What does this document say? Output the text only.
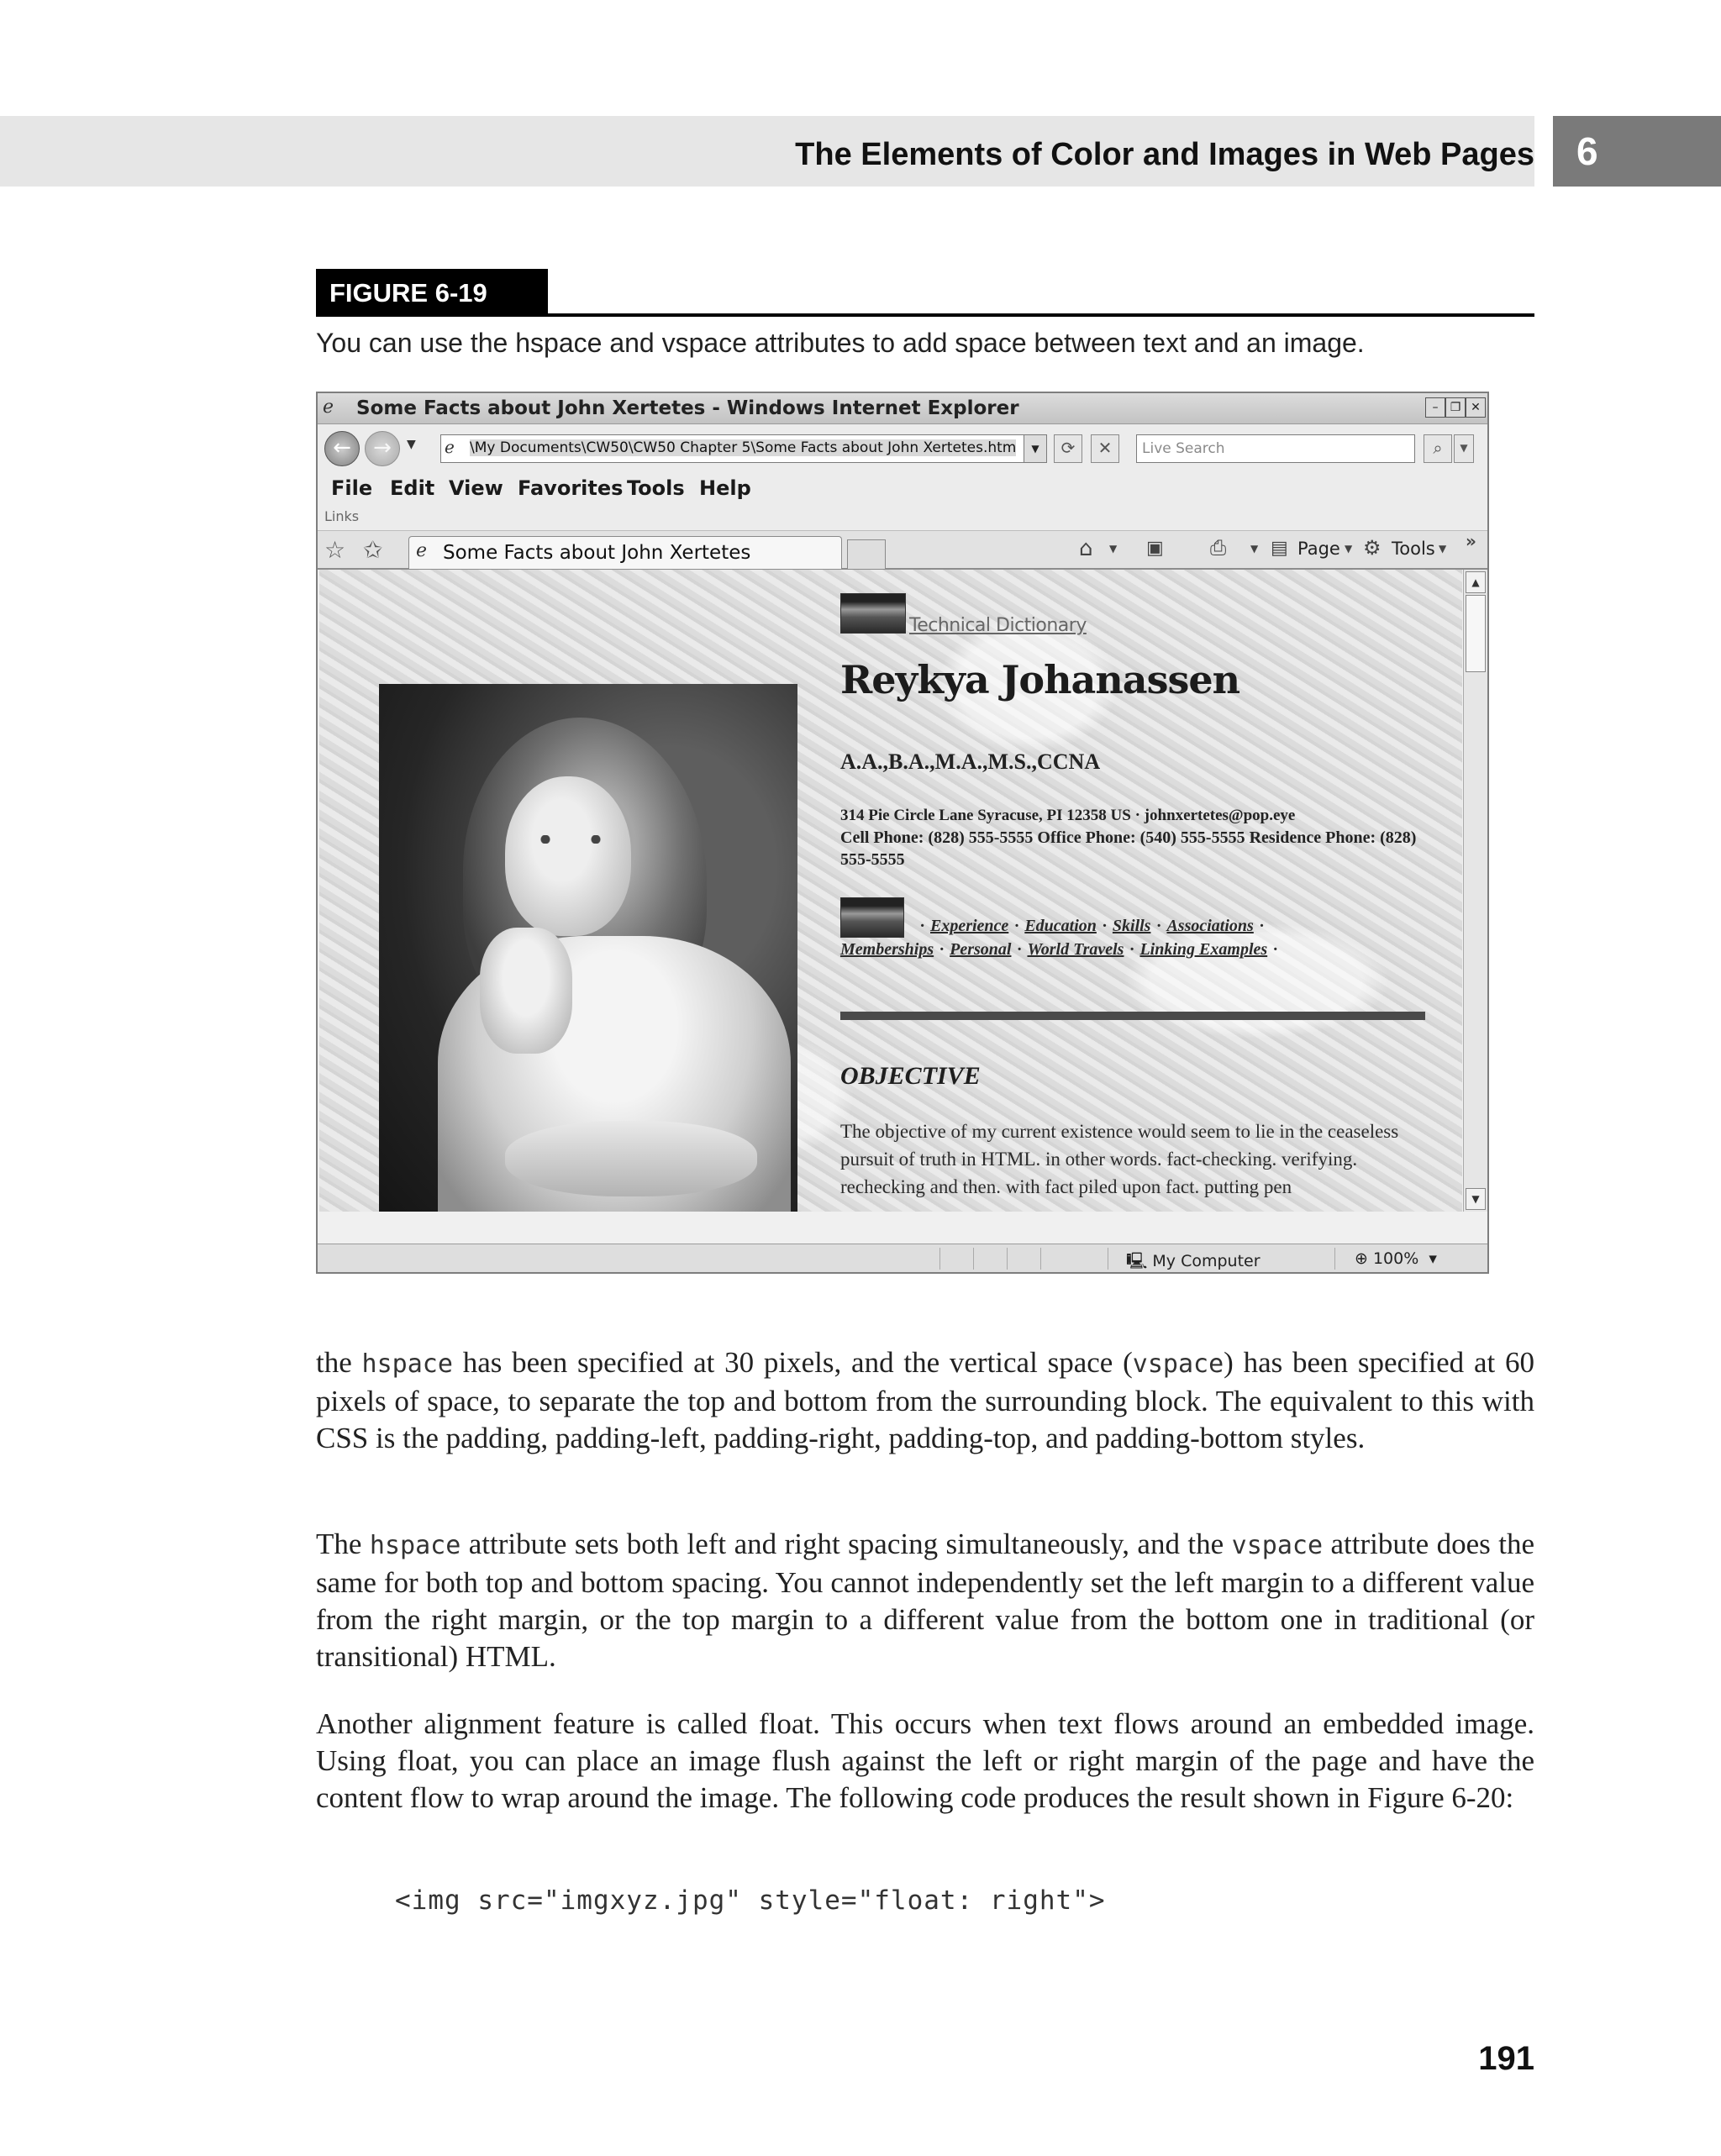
The Elements of Color and Images in Web Pages	6
FIGURE 6-19
You can use the hspace and vspace attributes to add space between text and an image.
ℯ Some Facts about John Xertetes - Windows Internet Explorer	–	❐ ✕
←	→	▼ ℯ \My Documents\CW50\CW50 Chapter 5\Some Facts about John Xertetes.htm	▼	⟳	✕	Live Search	⌕	▼
File Edit View Favorites Tools Help
Links
☆ ✩ ℯ Some Facts about John Xertetes	⌂ ▼ ▣ ⎙ ▼ ▤ Page ▼ ⚙ Tools ▼ »
Technical Dictionary
Reykya Johanassen
A.A.,B.A.,M.A.,M.S.,CCNA
314 Pie Circle Lane Syracuse, PI 12358 US · johnxertetes@pop.eye
Cell Phone: (828) 555-5555 Office Phone: (540) 555-5555 Residence Phone: (828) 555-5555
· Experience · Education · Skills · Associations ·
Memberships · Personal · World Travels · Linking Examples ·
OBJECTIVE
The objective of my current existence would seem to lie in the ceaseless pursuit of truth in HTML. in other words. fact-checking. verifying. rechecking and then. with fact piled upon fact. putting pen
▲
▼
🖳 My Computer	⊕ 100%  ▾

the hspace has been specified at 30 pixels, and the vertical space (vspace) has been specified at 60 pixels of space, to separate the top and bottom from the surrounding block. The equivalent to this with CSS is the padding, padding-left, padding-right, padding-top, and padding-bottom styles.

The hspace attribute sets both left and right spacing simultaneously, and the vspace attribute does the same for both top and bottom spacing. You cannot independently set the left margin to a different value from the right margin, or the top margin to a different value from the bottom one in traditional (or transitional) HTML.

Another alignment feature is called float. This occurs when text flows around an embedded image. Using float, you can place an image flush against the left or right margin of the page and have the content flow to wrap around the image. The following code produces the result shown in Figure 6-20:

<img src="imgxyz.jpg" style="float: right">
191
